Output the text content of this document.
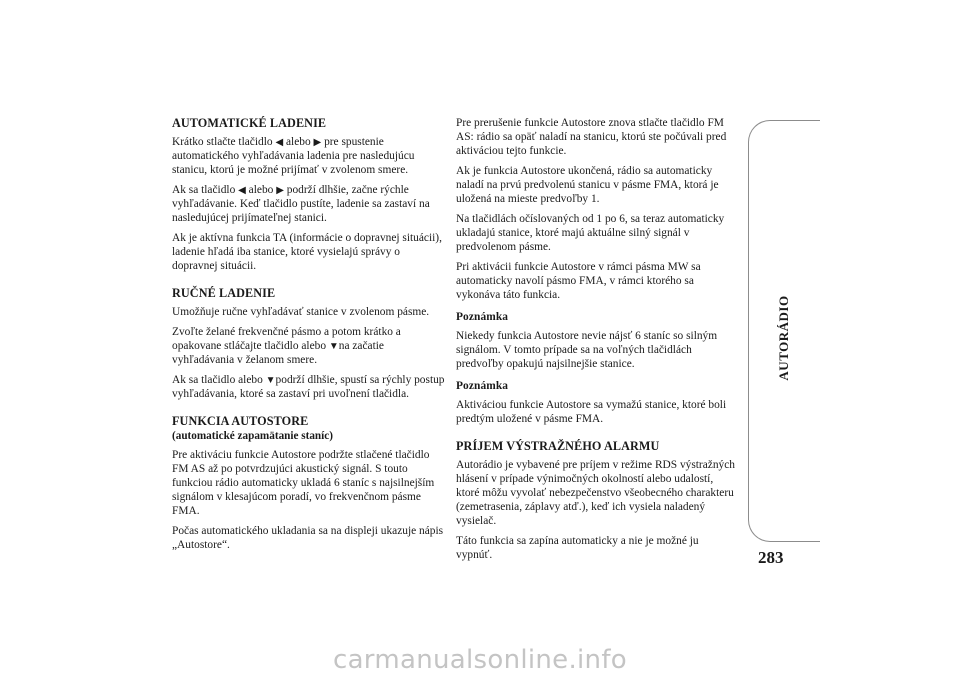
AUTOMATICKÉ LADENIE
Krátko stlačte tlačidlo ◀ alebo ▶ pre spustenie automatického vyhľadávania ladenia pre nasledujúcu stanicu, ktorú je možné prijímať v zvolenom smere.
Ak sa tlačidlo ◀ alebo ▶ podrží dlhšie, začne rýchle vyhľadávanie. Keď tlačidlo pustíte, ladenie sa zastaví na nasledujúcej prijímateľnej stanici.
Ak je aktívna funkcia TA (informácie o dopravnej situácii), ladenie hľadá iba stanice, ktoré vysielajú správy o dopravnej situácii.
RUČNÉ LADENIE
Umožňuje ručne vyhľadávať stanice v zvolenom pásme.
Zvoľte želané frekvenčné pásmo a potom krátko a opakovane stláčajte tlačidlo alebo ▼na začatie vyhľadávania v želanom smere.
Ak sa tlačidlo alebo ▼podrží dlhšie, spustí sa rýchly postup vyhľadávania, ktoré sa zastaví pri uvoľnení tlačidla.
FUNKCIA AUTOSTORE
(automatické zapamätanie staníc)
Pre aktiváciu funkcie Autostore podržte stlačené tlačidlo FM AS až po potvrdzujúci akustický signál. S touto funkciou rádio automaticky ukladá 6 staníc s najsilnejším signálom v klesajúcom poradí, vo frekvenčnom pásme FMA.
Počas automatického ukladania sa na displeji ukazuje nápis „Autostore“.
Pre prerušenie funkcie Autostore znova stlačte tlačidlo FM AS: rádio sa opäť naladí na stanicu, ktorú ste počúvali pred aktiváciou tejto funkcie.
Ak je funkcia Autostore ukončená, rádio sa automaticky naladí na prvú predvolenú stanicu v pásme FMA, ktorá je uložená na mieste predvoľby 1.
Na tlačidlách očíslovaných od 1 po 6, sa teraz automaticky ukladajú stanice, ktoré majú aktuálne silný signál v predvolenom pásme.
Pri aktivácii funkcie Autostore v rámci pásma MW sa automaticky navolí pásmo FMA, v rámci ktorého sa vykonáva táto funkcia.
Poznámka
Niekedy funkcia Autostore nevie nájsť 6 staníc so silným signálom. V tomto prípade sa na voľných tlačidlách predvoľby opakujú najsilnejšie stanice.
Poznámka
Aktiváciou funkcie Autostore sa vymažú stanice, ktoré boli predtým uložené v pásme FMA.
PRÍJEM VÝSTRAŽNÉHO ALARMU
Autorádio je vybavené pre príjem v režime RDS výstražných hlásení v prípade výnimočných okolností alebo udalostí, ktoré môžu vyvolať nebezpečenstvo všeobecného charakteru (zemetrasenia, záplavy atď.), keď ich vysiela naladený vysielač.
Táto funkcia sa zapína automaticky a nie je možné ju vypnúť.
AUTORÁDIO
283
carmanualsonline.info
